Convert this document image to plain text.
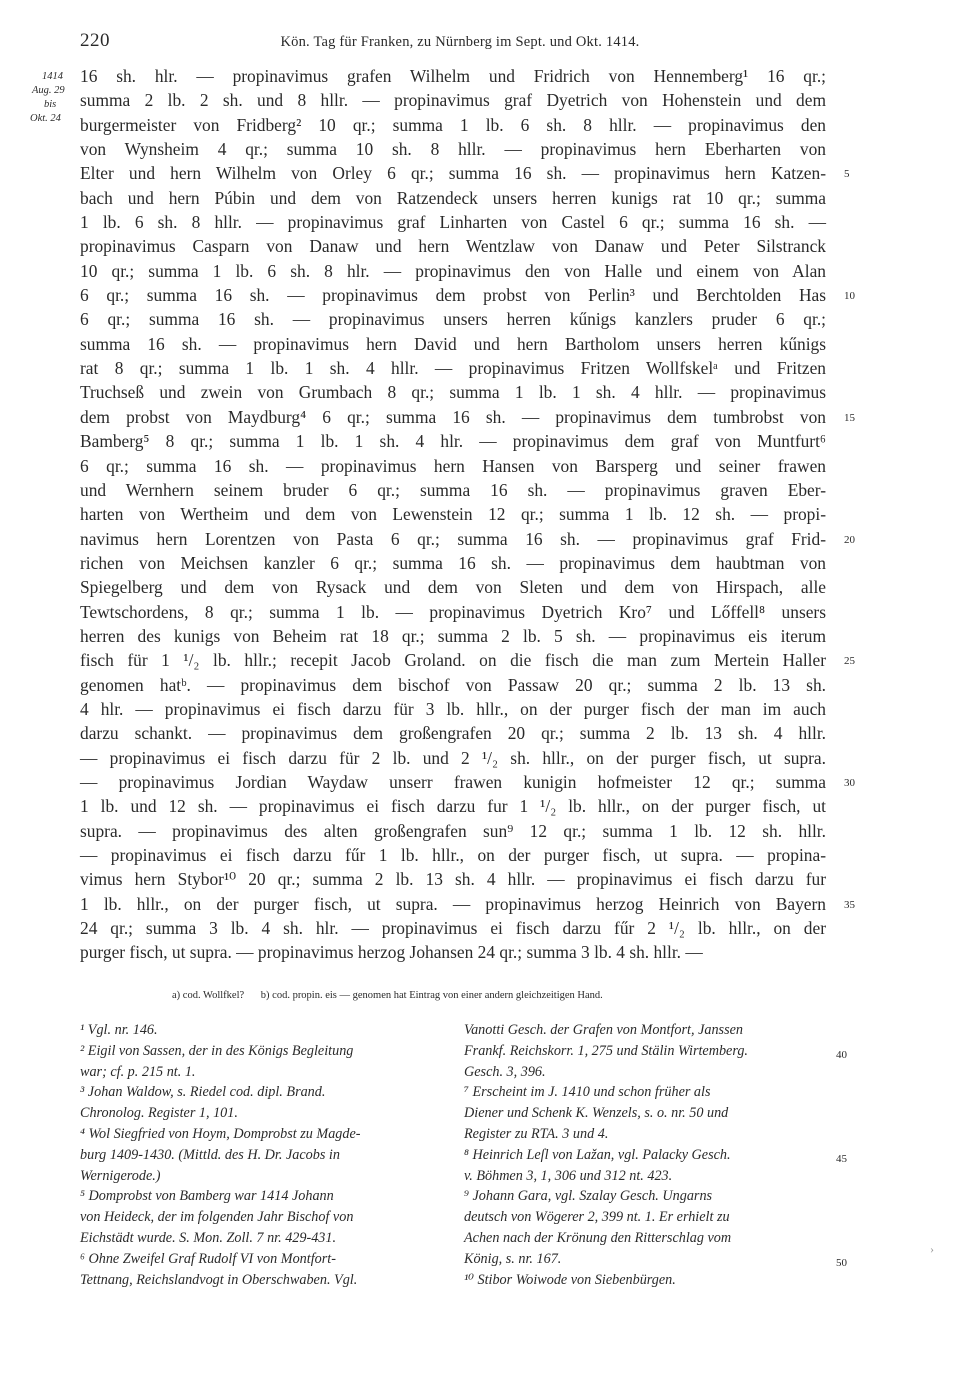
220	Kön. Tag für Franken, zu Nürnberg im Sept. und Okt. 1414.
1414
Aug. 29
bis
Okt. 24
16 sh. hlr. — propinavimus grafen Wilhelm und Fridrich von Hennemberg¹ 16 qr.;
summa 2 lb. 2 sh. und 8 hllr. — propinavimus graf Dyetrich von Hohenstein und dem
burgermeister von Fridberg² 10 qr.; summa 1 lb. 6 sh. 8 hllr. — propinavimus den
von Wynsheim 4 qr.; summa 10 sh. 8 hllr. — propinavimus hern Eberharten von
Elter und hern Wilhelm von Orley 6 qr.; summa 16 sh. — propinavimus hern Katzen-
bach und hern Púbin und dem von Ratzendeck unsers herren kunigs rat 10 qr.; summa
1 lb. 6 sh. 8 hllr. — propinavimus graf Linharten von Castel 6 qr.; summa 16 sh. —
propinavimus Casparn von Danaw und hern Wentzlaw von Danaw und Peter Silstranck
10 qr.; summa 1 lb. 6 sh. 8 hlr. — propinavimus den von Halle und einem von Alan
6 qr.; summa 16 sh. — propinavimus dem probst von Perlin³ und Berchtolden Has
6 qr.; summa 16 sh. — propinavimus unsers herren kűnigs kanzlers pruder 6 qr.;
summa 16 sh. — propinavimus hern David und hern Bartholom unsers herren kűnigs
rat 8 qr.; summa 1 lb. 1 sh. 4 hllr. — propinavimus Fritzen Wollfskelᵃ und Fritzen
Truchseß und zwein von Grumbach 8 qr.; summa 1 lb. 1 sh. 4 hllr. — propinavimus
dem probst von Maydburg⁴ 6 qr.; summa 16 sh. — propinavimus dem tumbrobst von
Bamberg⁵ 8 qr.; summa 1 lb. 1 sh. 4 hlr. — propinavimus dem graf von Muntfurt⁶
6 qr.; summa 16 sh. — propinavimus hern Hansen von Barsperg und seiner frawen
und Wernhern seinem bruder 6 qr.; summa 16 sh. — propinavimus graven Eber-
harten von Wertheim und dem von Lewenstein 12 qr.; summa 1 lb. 12 sh. — propi-
navimus hern Lorentzen von Pasta 6 qr.; summa 16 sh. — propinavimus graf Frid-
richen von Meichsen kanzler 6 qr.; summa 16 sh. — propinavimus dem haubtman von
Spiegelberg und dem von Rysack und dem von Sleten und dem von Hirspach, alle
Tewtschordens, 8 qr.; summa 1 lb. — propinavimus Dyetrich Kro⁷ und Lőffell⁸ unsers
herren des kunigs von Beheim rat 18 qr.; summa 2 lb. 5 sh. — propinavimus eis iterum
fisch für 1 ¹/₂ lb. hllr.; recepit Jacob Groland. on die fisch die man zum Mertein Haller
genomen hatᵇ. — propinavimus dem bischof von Passaw 20 qr.; summa 2 lb. 13 sh.
4 hlr. — propinavimus ei fisch darzu für 3 lb. hllr., on der purger fisch der man im auch
darzu schankt. — propinavimus dem großengrafen 20 qr.; summa 2 lb. 13 sh. 4 hllr.
— propinavimus ei fisch darzu für 2 lb. und 2 ¹/₂ sh. hllr., on der purger fisch, ut supra.
— propinavimus Jordian Waydaw unserr frawen kunigin hofmeister 12 qr.; summa
1 lb. und 12 sh. — propinavimus ei fisch darzu fur 1 ¹/₂ lb. hllr., on der purger fisch, ut
supra. — propinavimus des alten großengrafen sun⁹ 12 qr.; summa 1 lb. 12 sh. hllr.
— propinavimus ei fisch darzu fűr 1 lb. hllr., on der purger fisch, ut supra. — propina-
vimus hern Stybor¹⁰ 20 qr.; summa 2 lb. 13 sh. 4 hllr. — propinavimus ei fisch darzu fur
1 lb. hllr., on der purger fisch, ut supra. — propinavimus herzog Heinrich von Bayern
24 qr.; summa 3 lb. 4 sh. hlr. — propinavimus ei fisch darzu fűr 2 ¹/₂ lb. hllr., on der
purger fisch, ut supra. — propinavimus herzog Johansen 24 qr.; summa 3 lb. 4 sh. hllr. —
5
10
15
20
25
30
35
a) cod. Wollfkel? b) cod. propin. eis — genomen hat Eintrag von einer andern gleichzeitigen Hand.
¹ Vgl. nr. 146.
² Eigil von Sassen, der in des Königs Begleitung
war; cf. p. 215 nt. 1.
³ Johan Waldow, s. Riedel cod. dipl. Brand.
Chronolog. Register 1, 101.
⁴ Wol Siegfried von Hoym, Domprobst zu Magde-
burg 1409-1430. (Mittld. des H. Dr. Jacobs in
Wernigerode.)
⁵ Domprobst von Bamberg war 1414 Johann
von Heideck, der im folgenden Jahr Bischof von
Eichstädt wurde. S. Mon. Zoll. 7 nr. 429-431.
⁶ Ohne Zweifel Graf Rudolf VI von Montfort-
Tettnang, Reichslandvogt in Oberschwaben. Vgl.
Vanotti Gesch. der Grafen von Montfort, Janssen
Frankf. Reichskorr. 1, 275 und Stälin Wirtemberg.
Gesch. 3, 396.
⁷ Erscheint im J. 1410 und schon früher als
Diener und Schenk K. Wenzels, s. o. nr. 50 und
Register zu RTA. 3 und 4.
⁸ Heinrich Leſl von Lažan, vgl. Palacky Gesch.
v. Böhmen 3, 1, 306 und 312 nt. 423.
⁹ Johann Gara, vgl. Szalay Gesch. Ungarns
deutsch von Wögerer 2, 399 nt. 1. Er erhielt zu
Achen nach der Krönung den Ritterschlag vom
König, s. nr. 167.
¹⁰ Stibor Woiwode von Siebenbürgen.
40
45
50
›
